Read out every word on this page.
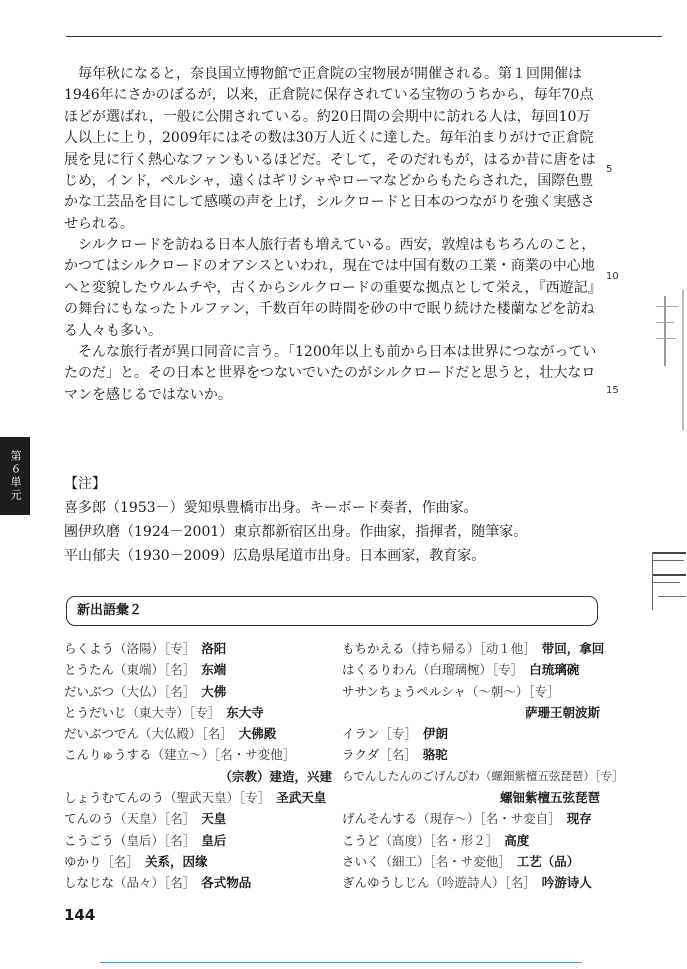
　毎年秋になると，奈良国立博物館で正倉院の宝物展が開催される。第１回開催は
1946年にさかのぼるが，以来，正倉院に保存されている宝物のうちから，毎年70点
ほどが選ばれ，一般に公開されている。約20日間の会期中に訪れる人は，毎回10万
人以上に上り，2009年にはその数は30万人近くに達した。毎年泊まりがけで正倉院
展を見に行く熱心なファンもいるほどだ。そして，そのだれもが，はるか昔に唐をは
じめ，インド，ペルシャ，遠くはギリシャやローマなどからもたらされた，国際色豊
かな工芸品を目にして感嘆の声を上げ，シルクロードと日本のつながりを強く実感さ
せられる。
　シルクロードを訪ねる日本人旅行者も増えている。西安，敦煌はもちろんのこと，
かつてはシルクロードのオアシスといわれ，現在では中国有数の工業・商業の中心地
へと変貌したウルムチや，古くからシルクロードの重要な拠点として栄え，『西遊記』
の舞台にもなったトルファン，千数百年の時間を砂の中で眠り続けた楼蘭などを訪ね
る人々も多い。
　そんな旅行者が異口同音に言う。「1200年以上も前から日本は世界につながってい
たのだ」と。その日本と世界をつないでいたのがシルクロードだと思うと，壮大なロ
マンを感じるではないか。
5
10
15
第６単元	【注】
喜多郎（1953－）愛知県豊橋市出身。キーボード奏者，作曲家。
團伊玖磨（1924－2001）東京都新宿区出身。作曲家，指揮者，随筆家。
平山郁夫（1930－2009）広島県尾道市出身。日本画家，教育家。
新出語彙２
らくよう（洛陽）［专］ 洛阳
とうたん（東端）［名］ 东端
だいぶつ（大仏）［名］ 大佛
とうだいじ（東大寺）［专］ 东大寺
だいぶつでん（大仏殿）［名］ 大佛殿
こんりゅうする（建立～）［名・サ変他］
（宗教）建造，兴建
しょうむてんのう（聖武天皇）［专］ 圣武天皇
てんのう（天皇）［名］ 天皇
こうごう（皇后）［名］ 皇后
ゆかり［名］ 关系，因缘
しなじな（品々）［名］ 各式物品
もちかえる（持ち帰る）［动１他］ 带回，拿回
はくるりわん（白瑠璃椀）［专］ 白琉璃碗
ササンちょうペルシャ（～朝～）［专］
萨珊王朝波斯
イラン［专］ 伊朗
ラクダ［名］ 骆驼
らでんしたんのごげんびわ（螺鈿紫檀五弦琵琶）［专］
螺钿紫檀五弦琵琶
げんそんする（現存～）［名・サ変自］ 现存
こうど（高度）［名・形２］ 高度
さいく（細工）［名・サ変他］ 工艺（品）
ぎんゆうしじん（吟遊詩人）［名］ 吟游诗人
144
